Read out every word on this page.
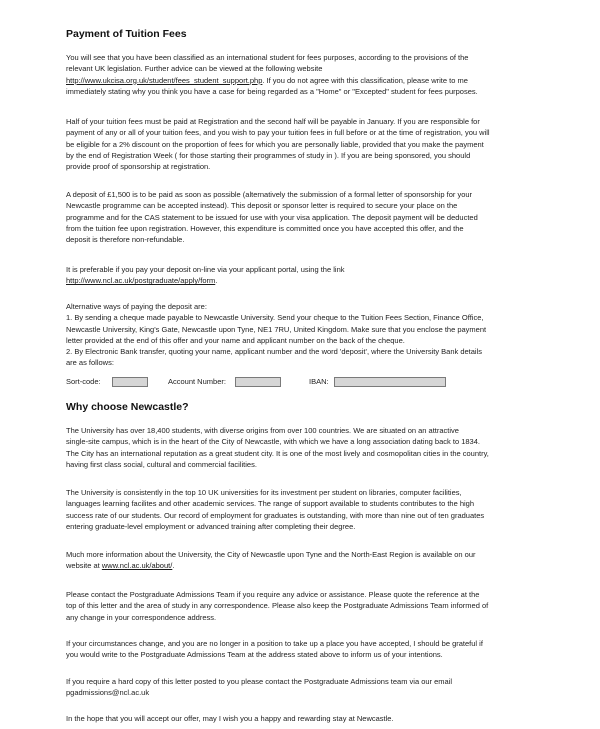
Payment of Tuition Fees
You will see that you have been classified as an international student for fees purposes, according to the provisions of the
relevant UK legislation. Further advice can be viewed at the following website
http://www.ukcisa.org.uk/student/fees_student_support.php. If you do not agree with this classification, please write to me
immediately stating why you think you have a case for being regarded as a "Home" or "Excepted" student for fees purposes.
Half of your tuition fees must be paid at Registration and the second half will be payable in January. If you are responsible for
payment of any or all of your tuition fees, and you wish to pay your tuition fees in full before or at the time of registration, you will
be eligible for a 2% discount on the proportion of fees for which you are personally liable, provided that you make the payment
by the end of Registration Week ( for those starting their programmes of study in ). If you are being sponsored, you should
provide proof of sponsorship at registration.
A deposit of £1,500 is to be paid as soon as possible (alternatively the submission of a formal letter of sponsorship for your
Newcastle programme can be accepted instead). This deposit or sponsor letter is required to secure your place on the
programme and for the CAS statement to be issued for use with your visa application. The deposit payment will be deducted
from the tuition fee upon registration. However, this expenditure is committed once you have accepted this offer, and the
deposit is therefore non-refundable.
It is preferable if you pay your deposit on-line via your applicant portal, using the link
http://www.ncl.ac.uk/postgraduate/apply/form.
Alternative ways of paying the deposit are:
1. By sending a cheque made payable to Newcastle University. Send your cheque to the Tuition Fees Section, Finance Office,
Newcastle University, King's Gate, Newcastle upon Tyne, NE1 7RU, United Kingdom. Make sure that you enclose the payment
letter provided at the end of this offer and your name and applicant number on the back of the cheque.
2. By Electronic Bank transfer, quoting your name, applicant number and the word 'deposit', where the University Bank details
are as follows:
Sort-code:	Account Number:	IBAN:
Why choose Newcastle?
The University has over 18,400 students, with diverse origins from over 100 countries. We are situated on an attractive
single-site campus, which is in the heart of the City of Newcastle, with which we have a long association dating back to 1834.
The City has an international reputation as a great student city. It is one of the most lively and cosmopolitan cities in the country,
having first class social, cultural and commercial facilities.
The University is consistently in the top 10 UK universities for its investment per student on libraries, computer facilities,
languages learning facilites and other academic services. The range of support available to students contributes to the high
success rate of our students. Our record of employment for graduates is outstanding, with more than nine out of ten graduates
entering graduate-level employment or advanced training after completing their degree.
Much more information about the University, the City of Newcastle upon Tyne and the North-East Region is available on our
website at www.ncl.ac.uk/about/.
Please contact the Postgraduate Admissions Team if you require any advice or assistance. Please quote the reference at the
top of this letter and the area of study in any correspondence. Please also keep the Postgraduate Admissions Team informed of
any change in your correspondence address.
If your circumstances change, and you are no longer in a position to take up a place you have accepted, I should be grateful if
you would write to the Postgraduate Admissions Team at the address stated above to inform us of your intentions.
If you require a hard copy of this letter posted to you please contact the Postgraduate Admissions team via our email
pgadmissions@ncl.ac.uk
In the hope that you will accept our offer, may I wish you a happy and rewarding stay at Newcastle.
